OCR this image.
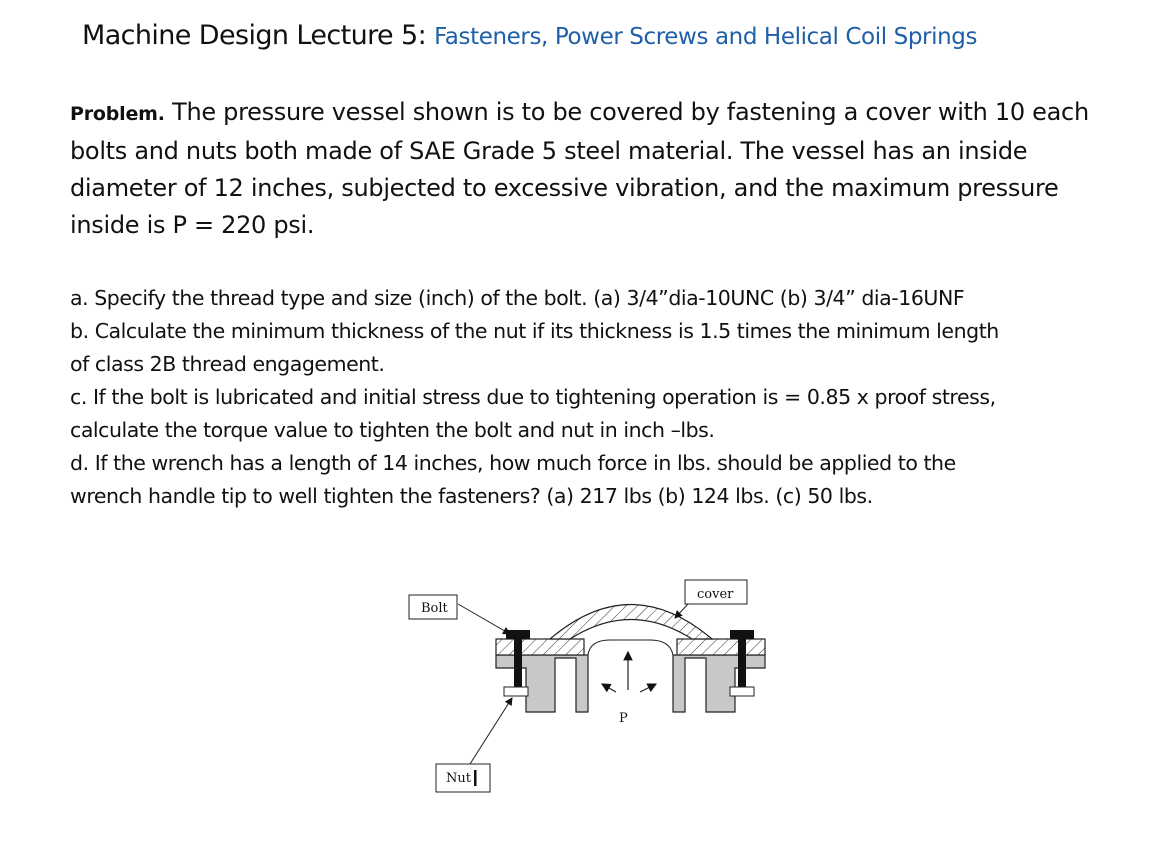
Machine Design Lecture 5: Fasteners, Power Screws and Helical Coil Springs
Problem. The pressure vessel shown is to be covered by fastening a cover with 10 each bolts and nuts both made of SAE Grade 5 steel material. The vessel has an inside diameter of 12 inches, subjected to excessive vibration, and the maximum pressure inside is P = 220 psi.
a. Specify the thread type and size (inch) of the bolt. (a) 3/4”dia-10UNC (b) 3/4” dia-16UNF
b. Calculate the minimum thickness of the nut if its thickness is 1.5 times the minimum length
of class 2B thread engagement.
c. If the bolt is lubricated and initial stress due to tightening operation is = 0.85 x proof stress,
calculate the torque value to tighten the bolt and nut in inch –lbs.
d. If the wrench has a length of 14 inches, how much force in lbs. should be applied to the
wrench handle tip to well tighten the fasteners? (a) 217 lbs (b) 124 lbs. (c) 50 lbs.
Bolt
cover
Nut
P
